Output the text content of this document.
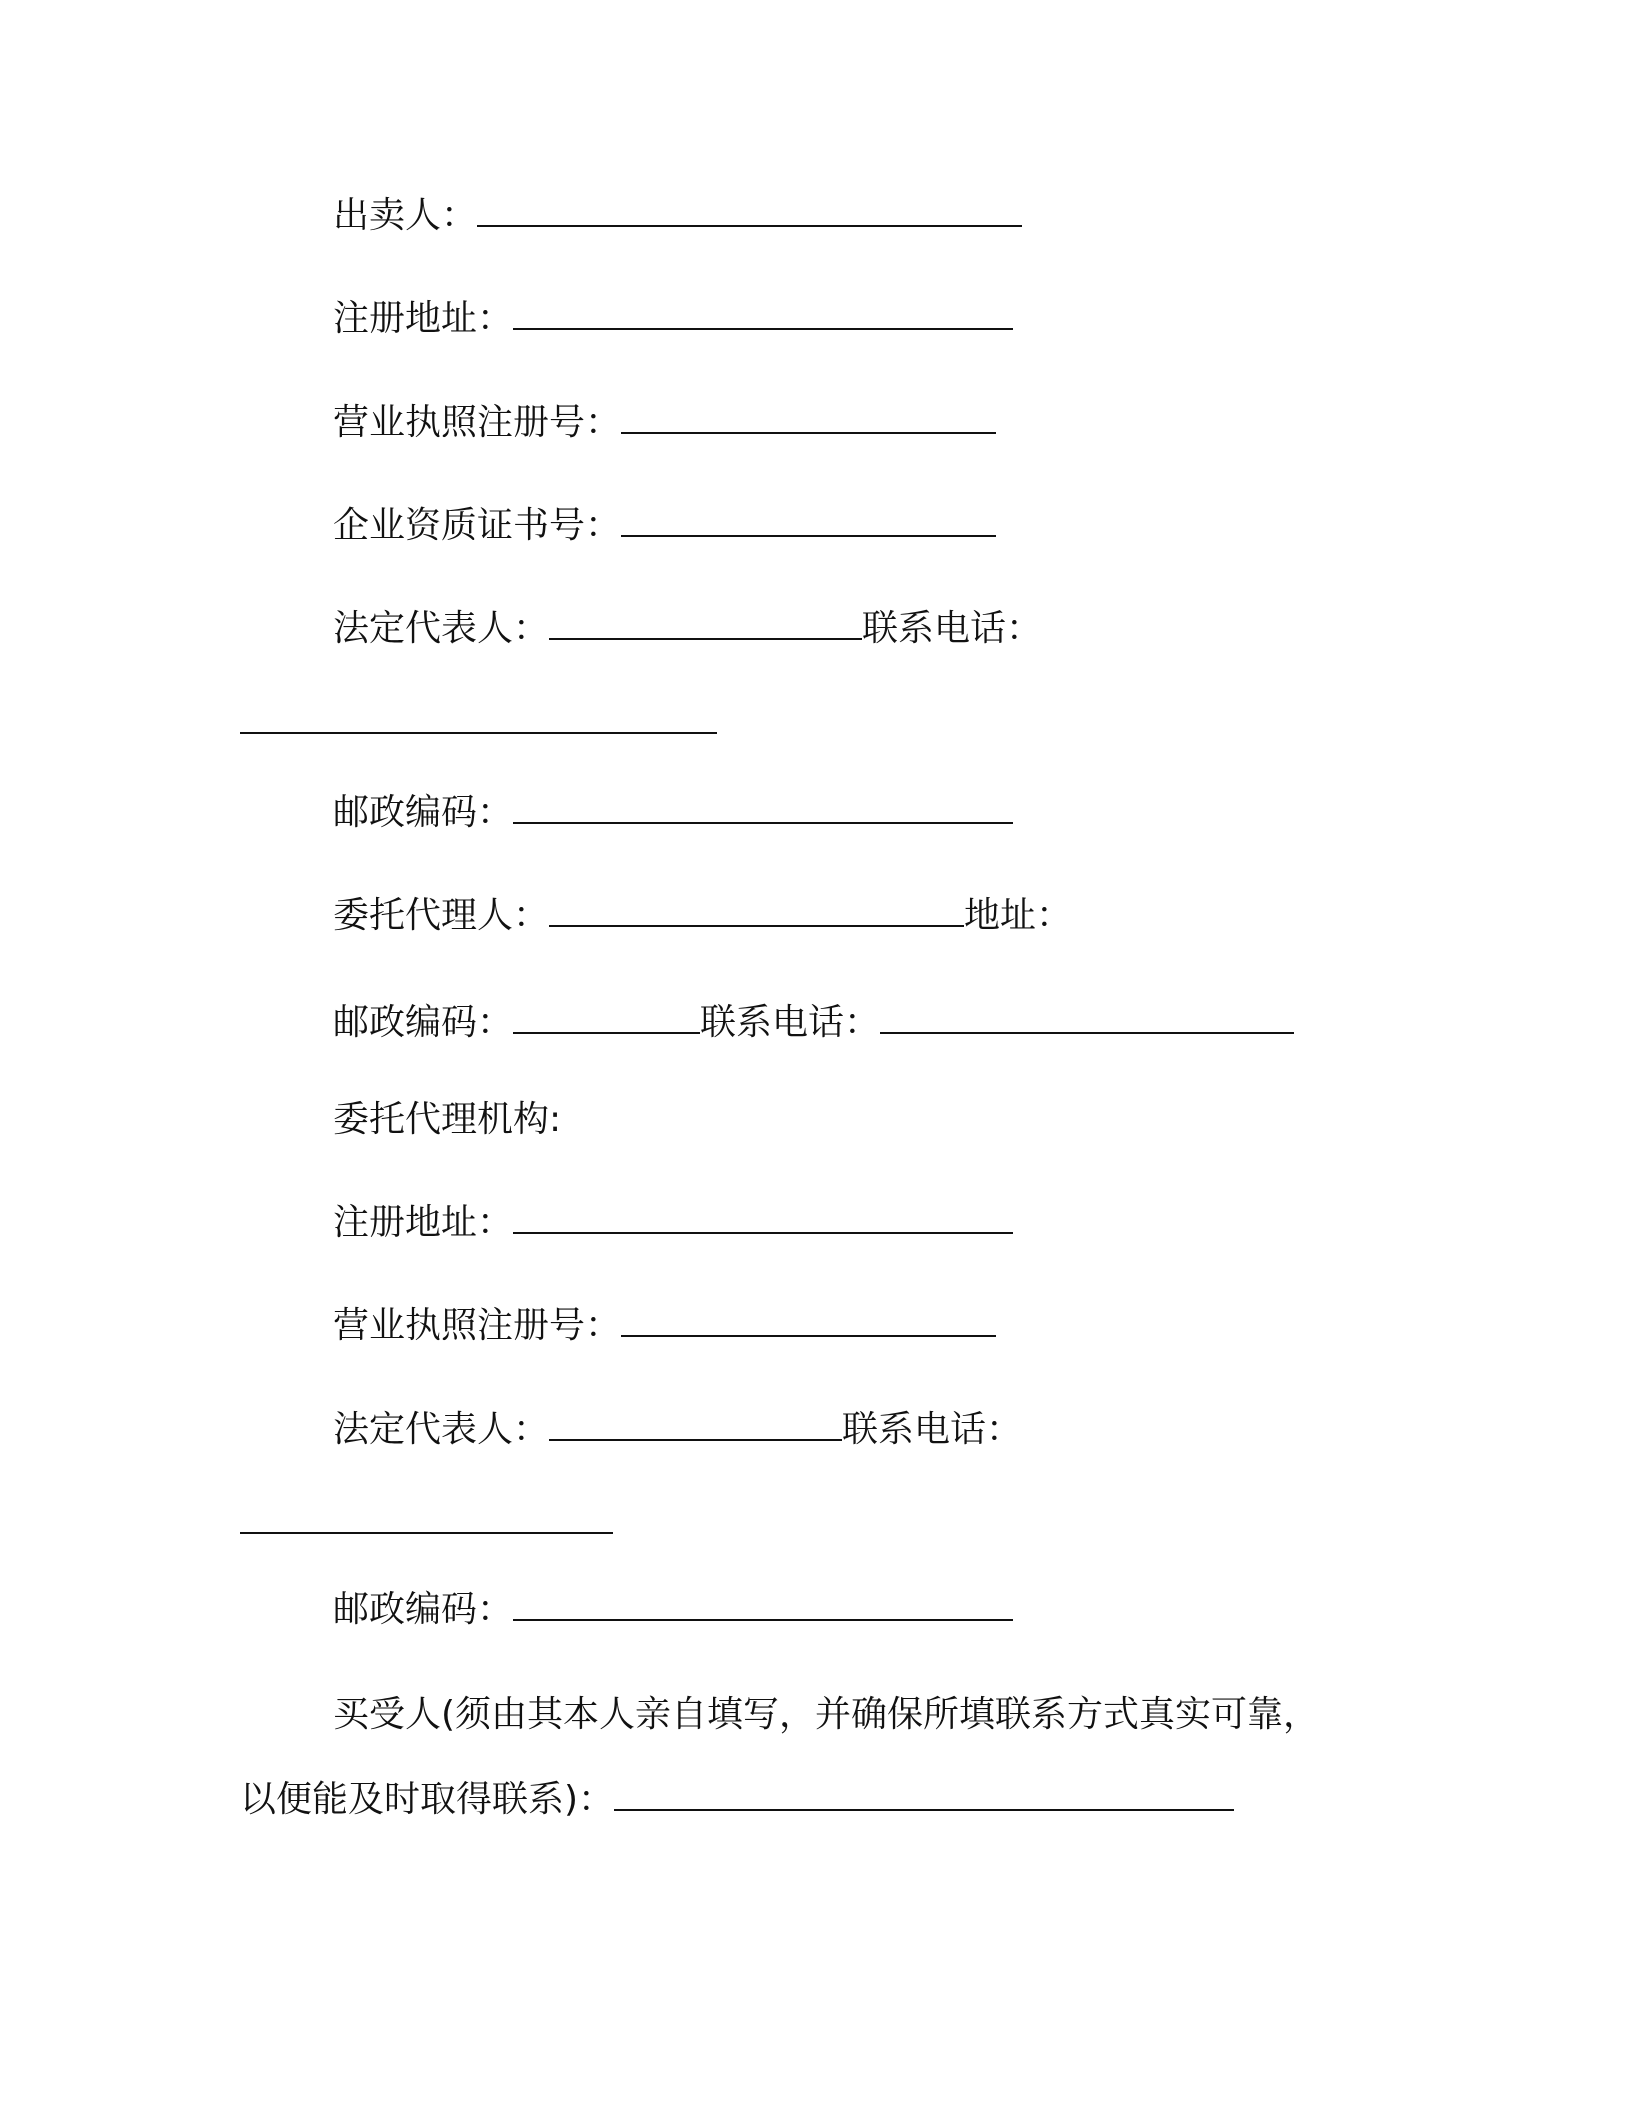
出卖人：
注册地址：
营业执照注册号：
企业资质证书号：
法定代表人：	联系电话：
邮政编码：
委托代理人：	地址：
邮政编码：	联系电话：
委托代理机构:
注册地址：
营业执照注册号：
法定代表人：	联系电话：
邮政编码：
买受人(须由其本人亲自填写，并确保所填联系方式真实可靠，
以便能及时取得联系)：
